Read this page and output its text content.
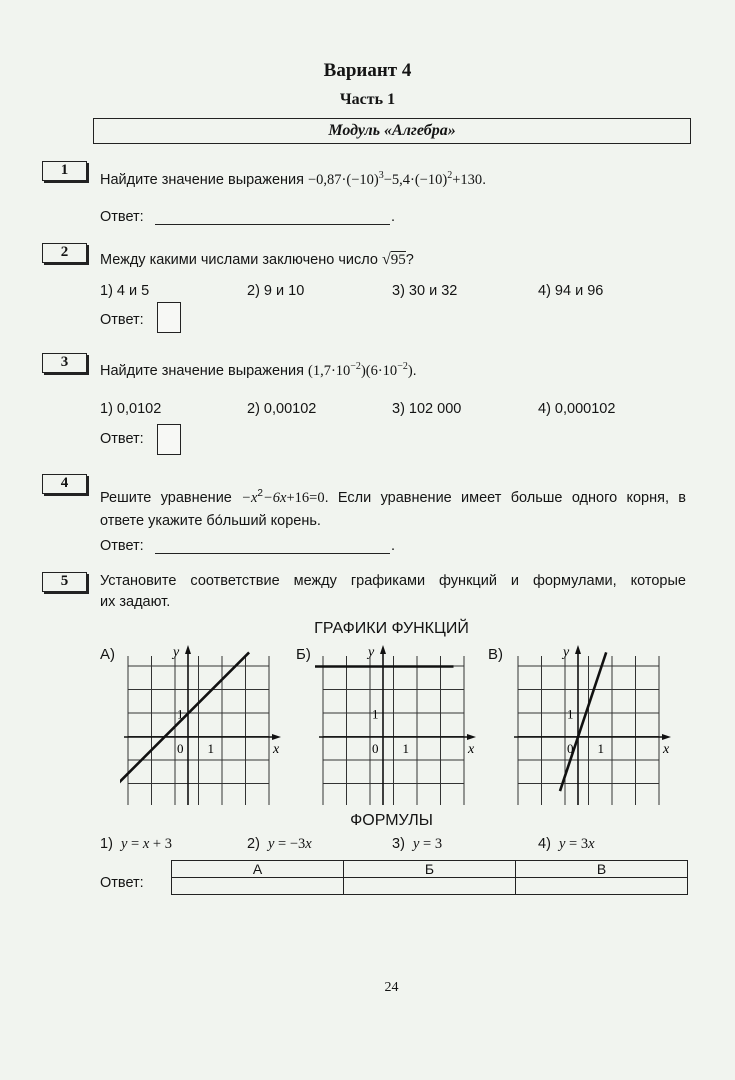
Вариант 4
Часть 1
Модуль «Алгебра»
1
Найдите значение выражения $-0,87\cdot(-10)^3-5,4\cdot(-10)^2+130$.
Ответ:	.
2	Между какими числами заключено число √95?
1) 4 и 5	2) 9 и 10	3) 30 и 32	4) 94 и 96
Ответ:
3
Найдите значение выражения $(1,7\cdot 10^{-2})(6\cdot 10^{-2})$.
1) 0,0102	2) 0,00102	3) 102 000	4) 0,000102
Ответ:
4
Решите уравнение $-x^2-6x+16=0$. Если уравнение имеет больше одного корня, в ответе укажите бо́льший корень.
Ответ:	.
5	Установите соответствие между графиками функций и формулами, которые
их задают.
ГРАФИКИ ФУНКЦИЙ
А)	Б)	В)
x
y
0 1
1
x
y
0 1
1
x
y
0 1
1
ФОРМУЛЫ
1)  y = x + 3	2)  y = −3x	3)  y = 3	4)  y = 3x
Ответ:
А	Б	В

24
